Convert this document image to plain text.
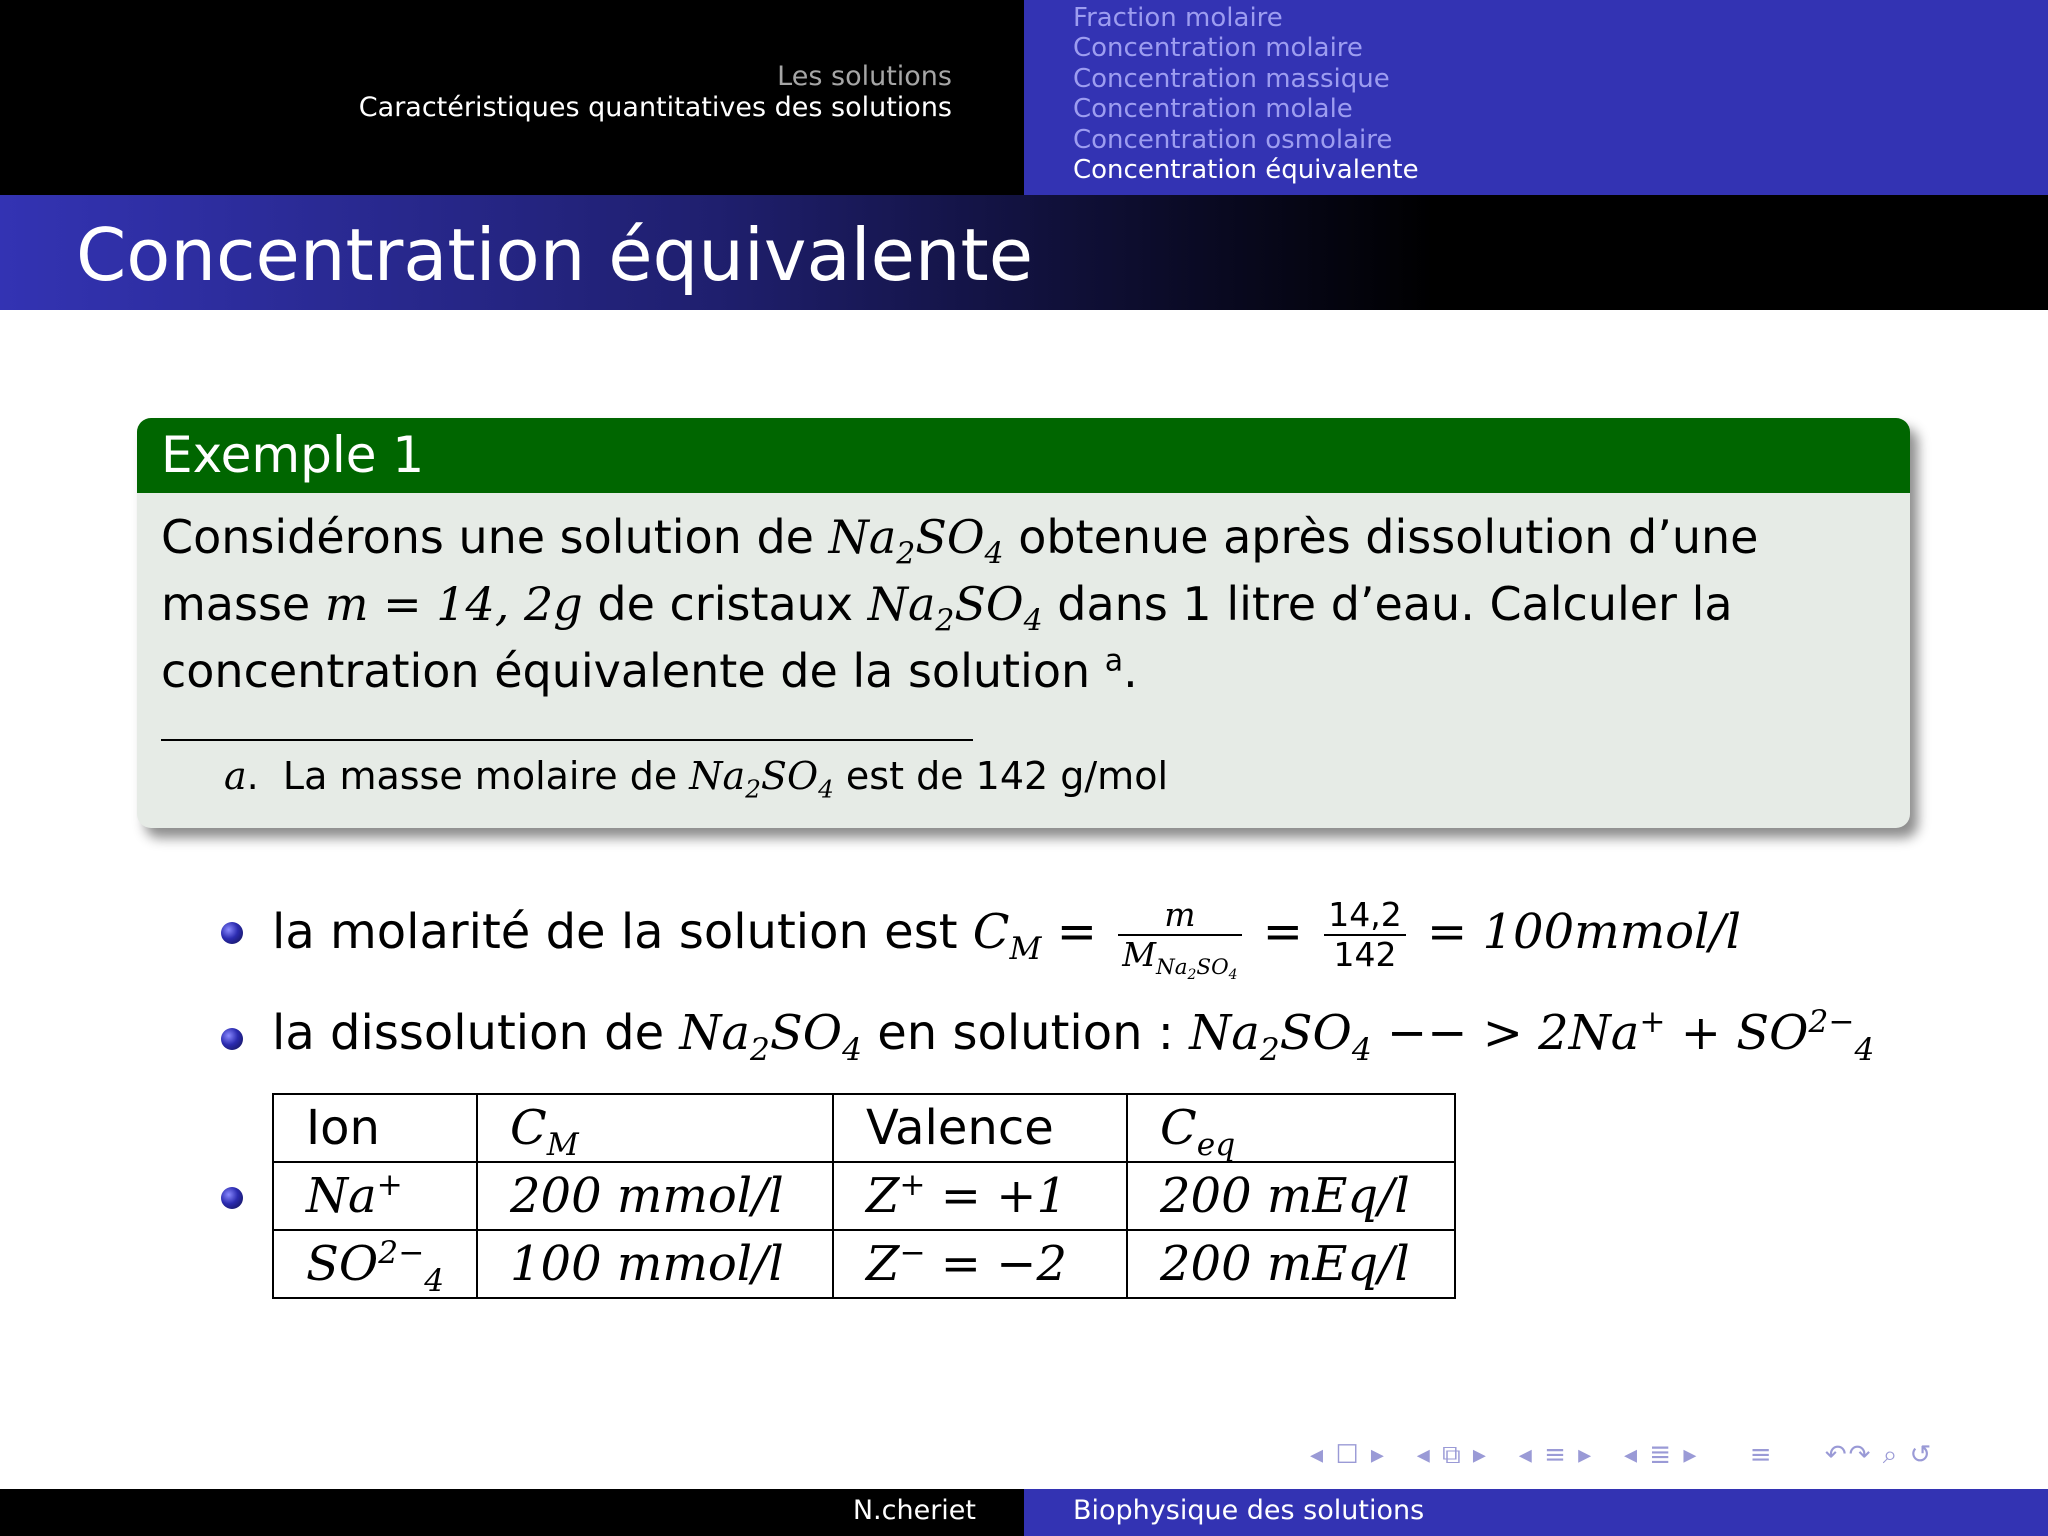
Les solutions
Caractéristiques quantitatives des solutions
Fraction molaire
Concentration molaire
Concentration massique
Concentration molale
Concentration osmolaire
Concentration équivalente
Concentration équivalente
Exemple 1
Considérons une solution de $Na_2SO_4$ obtenue après dissolution d’une
masse m = 14, 2g de cristaux $Na_2SO_4$ dans 1 litre d’eau. Calculer la
concentration équivalente de la solution $^a$.
a.  La masse molaire de $Na_2SO_4$ est de 142 g/mol
la molarité de la solution est $C_M = \frac{m}{M_{Na_2SO_4}} = \frac{14,2}{142}$ = 100mmol/l
la dissolution de $Na_2SO_4$ en solution : $Na_2SO_4$ −− > $2Na^+ + SO^{2-}_4$
Ion	$C_M$	Valence	$C_{eq}$
Na+	200 mmol/l	Z+ = +1	200 mEq/l
$SO^{2-}_4$	100 mmol/l	Z− = −2	200 mEq/l
◂ ☐ ▸ ◂ ⧉ ▸ ◂ ≡ ▸ ◂ ≣ ▸ ≡ ↶↷ ⌕ ↺
N.cheriet	Biophysique des solutions
